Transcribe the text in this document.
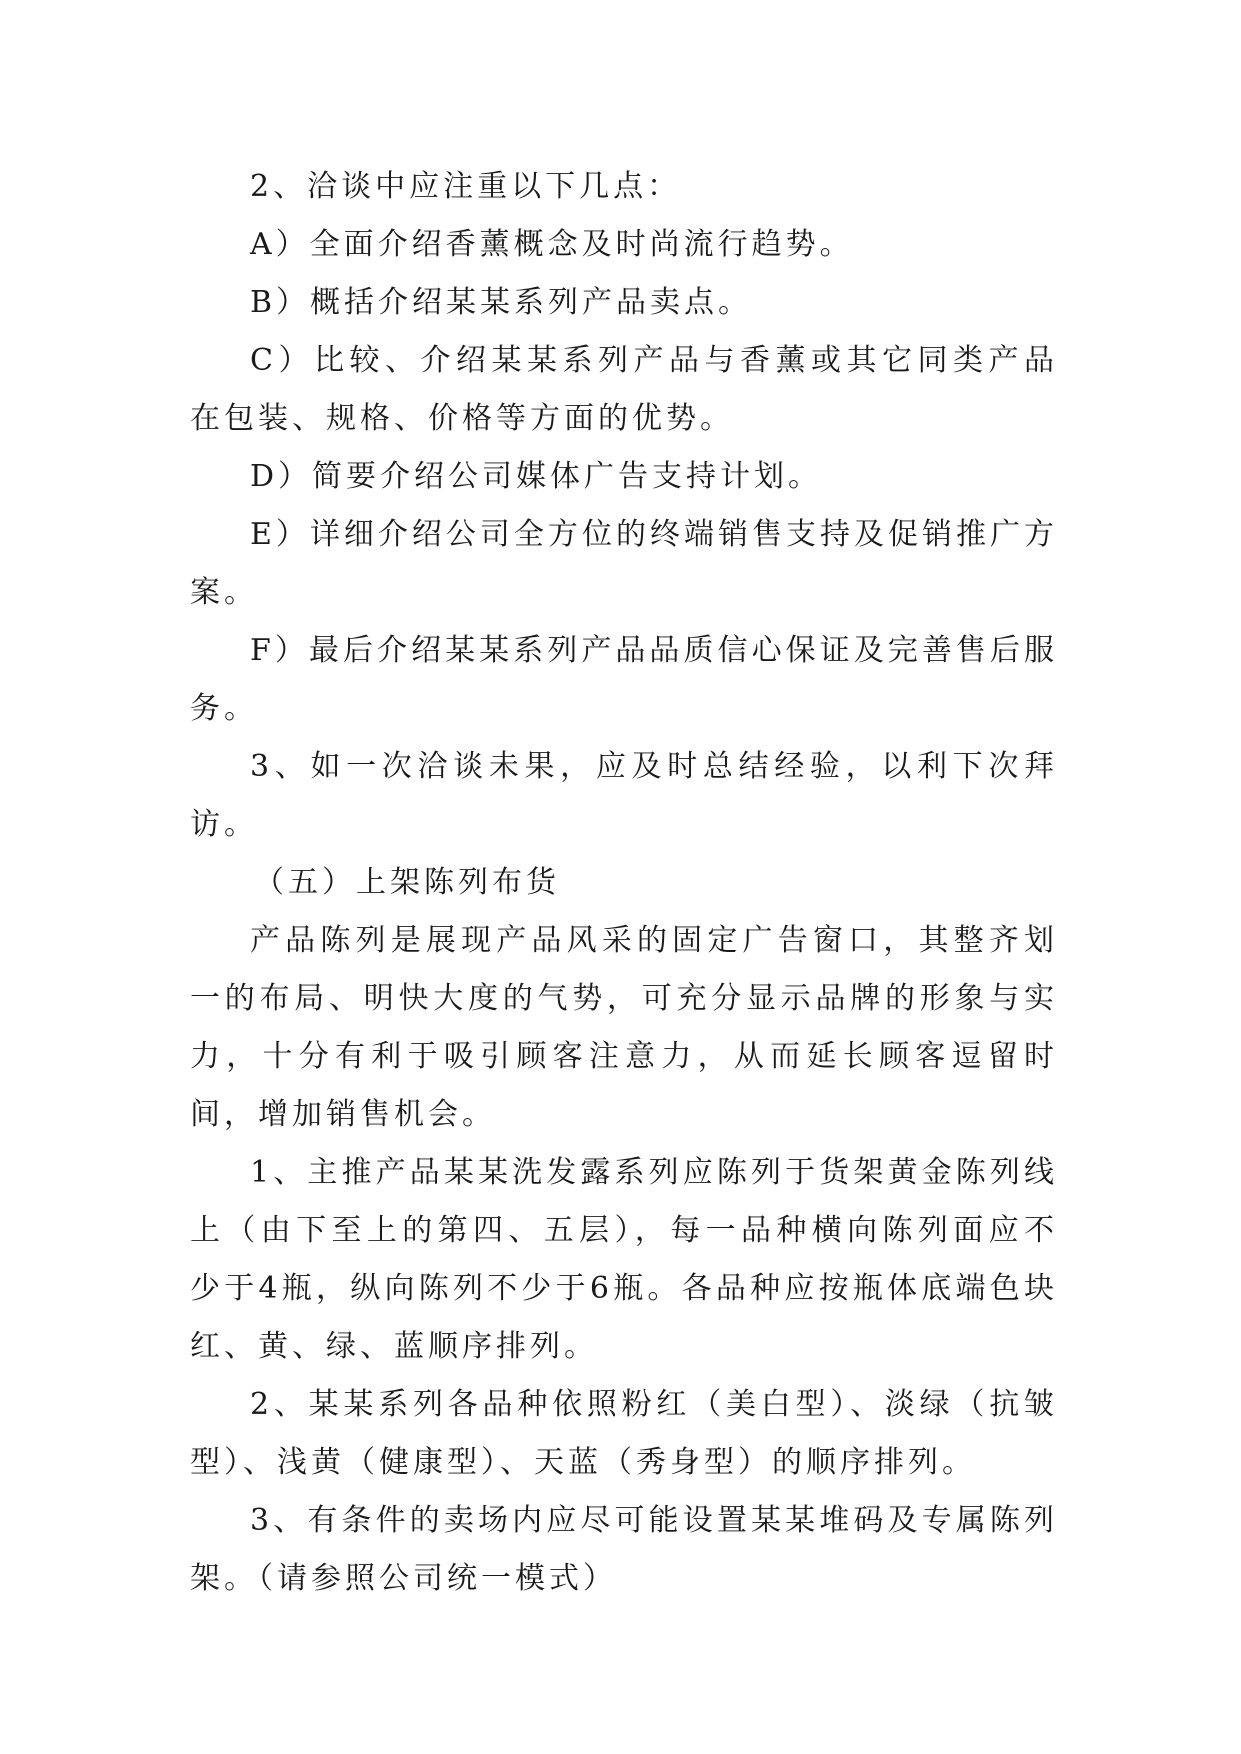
2、洽谈中应注重以下几点：

A）全面介绍香薰概念及时尚流行趋势。

B）概括介绍某某系列产品卖点。

C）比较、介绍某某系列产品与香薰或其它同类产品在包装、规格、价格等方面的优势。

D）简要介绍公司媒体广告支持计划。

E）详细介绍公司全方位的终端销售支持及促销推广方案。

F）最后介绍某某系列产品品质信心保证及完善售后服务。

3、如一次洽谈未果，应及时总结经验，以利下次拜访。

（五）上架陈列布货

产品陈列是展现产品风采的固定广告窗口，其整齐划一的布局、明快大度的气势，可充分显示品牌的形象与实力，十分有利于吸引顾客注意力，从而延长顾客逗留时间，增加销售机会。

1、主推产品某某洗发露系列应陈列于货架黄金陈列线上（由下至上的第四、五层），每一品种横向陈列面应不少于4瓶，纵向陈列不少于6瓶。各品种应按瓶体底端色块红、黄、绿、蓝顺序排列。

2、某某系列各品种依照粉红（美白型）、淡绿（抗皱型）、浅黄（健康型）、天蓝（秀身型）的顺序排列。

3、有条件的卖场内应尽可能设置某某堆码及专属陈列架。（请参照公司统一模式）
